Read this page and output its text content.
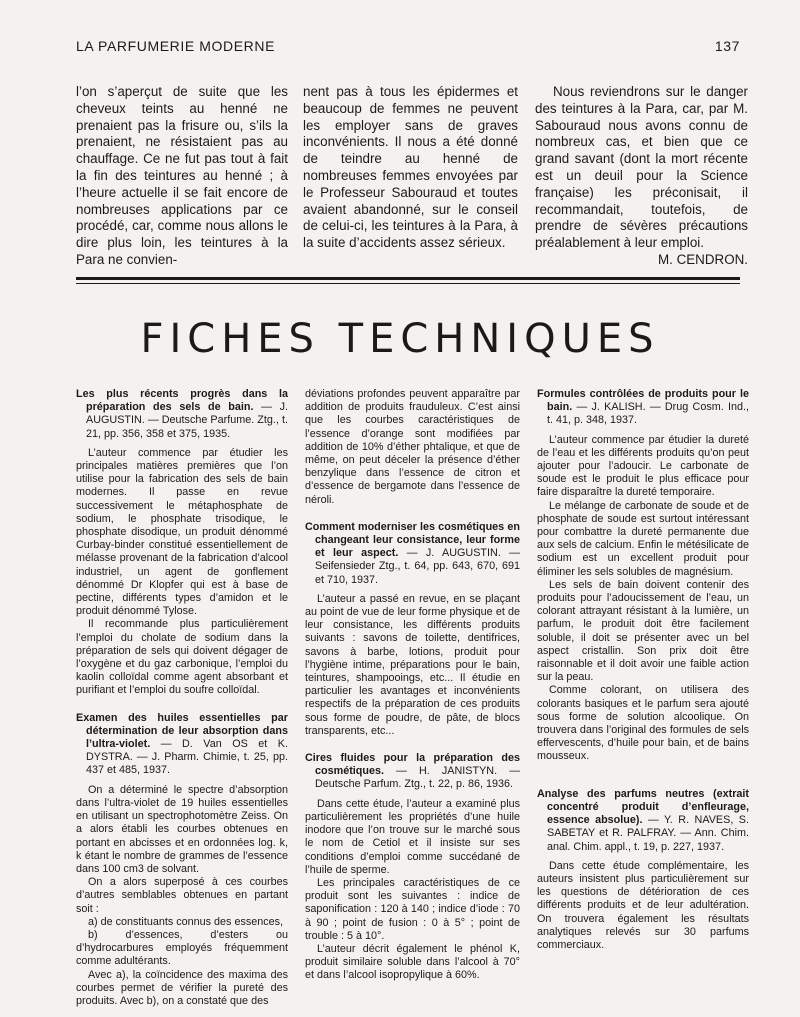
LA PARFUMERIE MODERNE	137

l’on s’aperçut de suite que les cheveux teints au henné ne prenaient pas la frisure ou, s’ils la prenaient, ne résistaient pas au chauffage. Ce ne fut pas tout à fait la fin des teintures au henné ; à l’heure actuelle il se fait encore de nombreuses applications par ce procédé, car, comme nous allons le dire plus loin, les teintures à la Para ne convien-

nent pas à tous les épidermes et beaucoup de femmes ne peuvent les employer sans de graves inconvénients. Il nous a été donné de teindre au henné de nombreuses femmes envoyées par le Professeur Sabouraud et toutes avaient abandonné, sur le conseil de celui-ci, les teintures à la Para, à la suite d’accidents assez sérieux.

Nous reviendrons sur le danger des teintures à la Para, car, par M. Sabouraud nous avons connu de nombreux cas, et bien que ce grand savant (dont la mort récente est un deuil pour la Science française) les préconisait, il recommandait, toutefois, de prendre de sévères précautions préalablement à leur emploi.

M. CENDRON.

FICHES TECHNIQUES

Les plus récents progrès dans la préparation des sels de bain. — J. AUGUSTIN. — Deutsche Parfume. Ztg., t. 21, pp. 356, 358 et 375, 1935.

L’auteur commence par étudier les principales matières premières que l’on utilise pour la fabrication des sels de bain modernes. Il passe en revue successivement le métaphosphate de sodium, le phosphate trisodique, le phosphate disodique, un produit dénommé Curbay-binder constitué essentiellement de mélasse provenant de la fabrication d’alcool industriel, un agent de gonflement dénommé Dr Klopfer qui est à base de pectine, différents types d’amidon et le produit dénommé Tylose.

Il recommande plus particulièrement l’emploi du cholate de sodium dans la préparation de sels qui doivent dégager de l’oxygène et du gaz carbonique, l’emploi du kaolin colloïdal comme agent absorbant et purifiant et l’emploi du soufre colloïdal.

Examen des huiles essentielles par détermination de leur absorption dans l’ultra-violet. — D. Van OS et K. DYSTRA. — J. Pharm. Chimie, t. 25, pp. 437 et 485, 1937.

On a déterminé le spectre d’absorption dans l’ultra-violet de 19 huiles essentielles en utilisant un spectrophotomètre Zeiss. On a alors établi les courbes obtenues en portant en abcisses et en ordonnées log. k, k étant le nombre de grammes de l’essence dans 100 cm3 de solvant.

On a alors superposé à ces courbes d’autres semblables obtenues en partant soit :

a) de constituants connus des essences,

b) d’essences, d’esters ou d’hydrocarbures employés fréquemment comme adultérants.

Avec a), la coïncidence des maxima des courbes permet de vérifier la pureté des produits. Avec b), on a constaté que des

déviations profondes peuvent apparaître par addition de produits frauduleux. C’est ainsi que les courbes caractéristiques de l’essence d’orange sont modifiées par addition de 10% d’éther phtalique, et que de même, on peut déceler la présence d’éther benzylique dans l’essence de citron et d’essence de bergamote dans l’essence de néroli.

Comment moderniser les cosmétiques en changeant leur consistance, leur forme et leur aspect. — J. AUGUSTIN. — Seifensieder Ztg., t. 64, pp. 643, 670, 691 et 710, 1937.

L’auteur a passé en revue, en se plaçant au point de vue de leur forme physique et de leur consistance, les différents produits suivants : savons de toilette, dentifrices, savons à barbe, lotions, produit pour l’hygiène intime, préparations pour le bain, teintures, shampooings, etc... Il étudie en particulier les avantages et inconvénients respectifs de la préparation de ces produits sous forme de poudre, de pâte, de blocs transparents, etc...

Cires fluides pour la préparation des cosmétiques. — H. JANISTYN. — Deutsche Parfum. Ztg., t. 22, p. 86, 1936.

Dans cette étude, l’auteur a examiné plus particulièrement les propriétés d’une huile inodore que l’on trouve sur le marché sous le nom de Cetiol et il insiste sur ses conditions d’emploi comme succédané de l’huile de sperme.

Les principales caractéristiques de ce produit sont les suivantes : indice de saponification : 120 à 140 ; indice d’iode : 70 à 90 ; point de fusion : 0 à 5° ; point de trouble : 5 à 10°.

L’auteur décrit également le phénol K, produit similaire soluble dans l’alcool à 70° et dans l’alcool isopropylique à 60%.

Formules contrôlées de produits pour le bain. — J. KALISH. — Drug Cosm. Ind., t. 41, p. 348, 1937.

L’auteur commence par étudier la dureté de l’eau et les différents produits qu’on peut ajouter pour l’adoucir. Le carbonate de soude est le produit le plus efficace pour faire disparaître la dureté temporaire.

Le mélange de carbonate de soude et de phosphate de soude est surtout intéressant pour combattre la dureté permanente due aux sels de calcium. Enfin le métésilicate de sodium est un excellent produit pour éliminer les sels solubles de magnésium.

Les sels de bain doivent contenir des produits pour l’adoucissement de l’eau, un colorant attrayant résistant à la lumière, un parfum, le produit doit être facilement soluble, il doit se présenter avec un bel aspect cristallin. Son prix doit être raisonnable et il doit avoir une faible action sur la peau.

Comme colorant, on utilisera des colorants basiques et le parfum sera ajouté sous forme de solution alcoolique. On trouvera dans l’original des formules de sels effervescents, d’huile pour bain, et de bains mousseux.

Analyse des parfums neutres (extrait concentré produit d’enfleurage, essence absolue). — Y. R. NAVES, S. SABETAY et R. PALFRAY. — Ann. Chim. anal. Chim. appl., t. 19, p. 227, 1937.

Dans cette étude complémentaire, les auteurs insistent plus particulièrement sur les questions de détérioration de ces différents produits et de leur adultération. On trouvera également les résultats analytiques relevés sur 30 parfums commerciaux.
